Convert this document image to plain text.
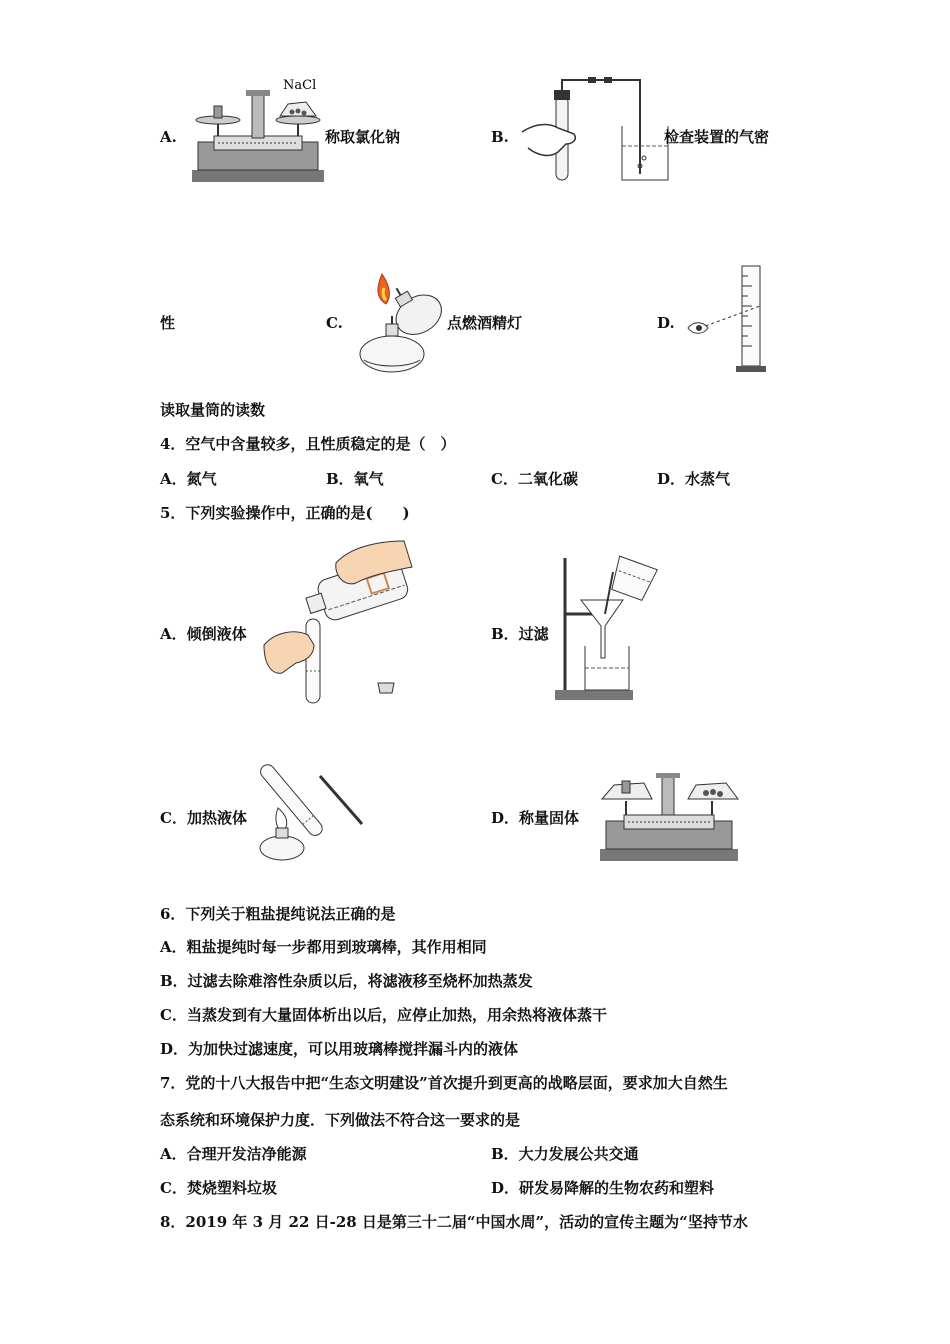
A.
NaCl
称取氯化钠	B.	检查装置的气密
性	C.	点燃酒精灯	D.
读取量筒的读数
4．空气中含量较多，且性质稳定的是（　）
A．氮气	B．氧气	C．二氧化碳	D．水蒸气
5．下列实验操作中，正确的是(　　)
A．倾倒液体	B．过滤
C．加热液体	D．称量固体
6．下列关于粗盐提纯说法正确的是
A．粗盐提纯时每一步都用到玻璃棒，其作用相同
B．过滤去除难溶性杂质以后，将滤液移至烧杯加热蒸发
C．当蒸发到有大量固体析出以后，应停止加热，用余热将液体蒸干
D．为加快过滤速度，可以用玻璃棒搅拌漏斗内的液体
7．党的十八大报告中把“生态文明建设”首次提升到更高的战略层面，要求加大自然生
态系统和环境保护力度．下列做法不符合这一要求的是
A．合理开发洁净能源	B．大力发展公共交通
C．焚烧塑料垃圾	D．研发易降解的生物农药和塑料
8．2019 年 3 月 22 日-28 日是第三十二届“中国水周”，活动的宣传主题为“坚持节水
